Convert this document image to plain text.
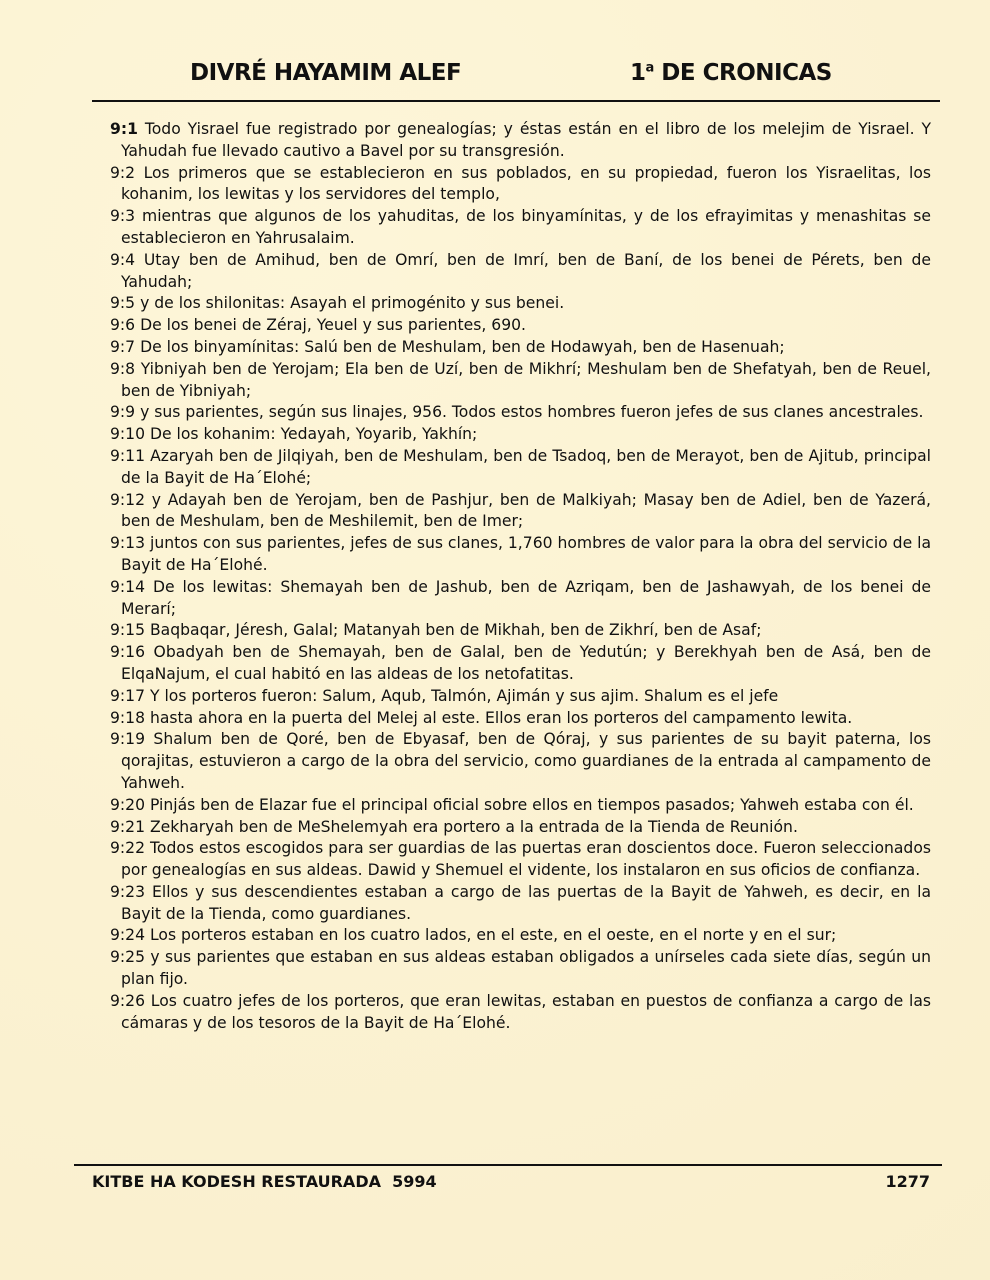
DIVRÉ HAYAMIM ALEF	1$^a$ DE CRONICAS

9:1 Todo Yisrael fue registrado por genealogías; y éstas están en el libro de los melejim de Yisrael. Y Yahudah fue llevado cautivo a Bavel por su transgresión.

9:2 Los primeros que se establecieron en sus poblados, en su propiedad, fueron los Yisraelitas, los kohanim, los lewitas y los servidores del templo,

9:3 mientras que algunos de los yahuditas, de los binyamínitas, y de los efrayimitas y menashitas se establecieron en Yahrusalaim.

9:4 Utay ben de Amihud, ben de Omrí, ben de Imrí, ben de Baní, de los benei de Pérets, ben de Yahudah;

9:5 y de los shilonitas: Asayah el primogénito y sus benei.

9:6 De los benei de Zéraj, Yeuel y sus parientes, 690.

9:7 De los binyamínitas: Salú ben de Meshulam, ben de Hodawyah, ben de Hasenuah;

9:8 Yibniyah ben de Yerojam; Ela ben de Uzí, ben de Mikhrí; Meshulam ben de Shefatyah, ben de Reuel, ben de Yibniyah;

9:9 y sus parientes, según sus linajes, 956. Todos estos hombres fueron jefes de sus clanes ancestrales.

9:10 De los kohanim: Yedayah, Yoyarib, Yakhín;

9:11 Azaryah ben de Jilqiyah, ben de Meshulam, ben de Tsadoq, ben de Merayot, ben de Ajitub, principal de la Bayit de Ha´Elohé;

9:12 y Adayah ben de Yerojam, ben de Pashjur, ben de Malkiyah; Masay ben de Adiel, ben de Yazerá, ben de Meshulam, ben de Meshilemit, ben de Imer;

9:13 juntos con sus parientes, jefes de sus clanes, 1,760 hombres de valor para la obra del servicio de la Bayit de Ha´Elohé.

9:14 De los lewitas: Shemayah ben de Jashub, ben de Azriqam, ben de Jashawyah, de los benei de Merarí;

9:15 Baqbaqar, Jéresh, Galal; Matanyah ben de Mikhah, ben de Zikhrí, ben de Asaf;

9:16 Obadyah ben de Shemayah, ben de Galal, ben de Yedutún; y Berekhyah ben de Asá, ben de ElqaNajum, el cual habitó en las aldeas de los netofatitas.

9:17 Y los porteros fueron: Salum, Aqub, Talmón, Ajimán y sus ajim. Shalum es el jefe

9:18 hasta ahora en la puerta del Melej al este. Ellos eran los porteros del campamento lewita.

9:19 Shalum ben de Qoré, ben de Ebyasaf, ben de Qóraj, y sus parientes de su bayit paterna, los qorajitas, estuvieron a cargo de la obra del servicio, como guardianes de la entrada al campamento de Yahweh.

9:20 Pinjás ben de Elazar fue el principal oficial sobre ellos en tiempos pasados; Yahweh estaba con él.

9:21 Zekharyah ben de MeShelemyah era portero a la entrada de la Tienda de Reunión.

9:22 Todos estos escogidos para ser guardias de las puertas eran doscientos doce. Fueron seleccionados por genealogías en sus aldeas. Dawid y Shemuel el vidente, los instalaron en sus oficios de confianza.

9:23 Ellos y sus descendientes estaban a cargo de las puertas de la Bayit de Yahweh, es decir, en la Bayit de la Tienda, como guardianes.

9:24 Los porteros estaban en los cuatro lados, en el este, en el oeste, en el norte y en el sur;

9:25 y sus parientes que estaban en sus aldeas estaban obligados a unírseles cada siete días, según un plan fijo.

9:26 Los cuatro jefes de los porteros, que eran lewitas, estaban en puestos de confianza a cargo de las cámaras y de los tesoros de la Bayit de Ha´Elohé.

KITBE HA KODESH RESTAURADA  5994	1277
